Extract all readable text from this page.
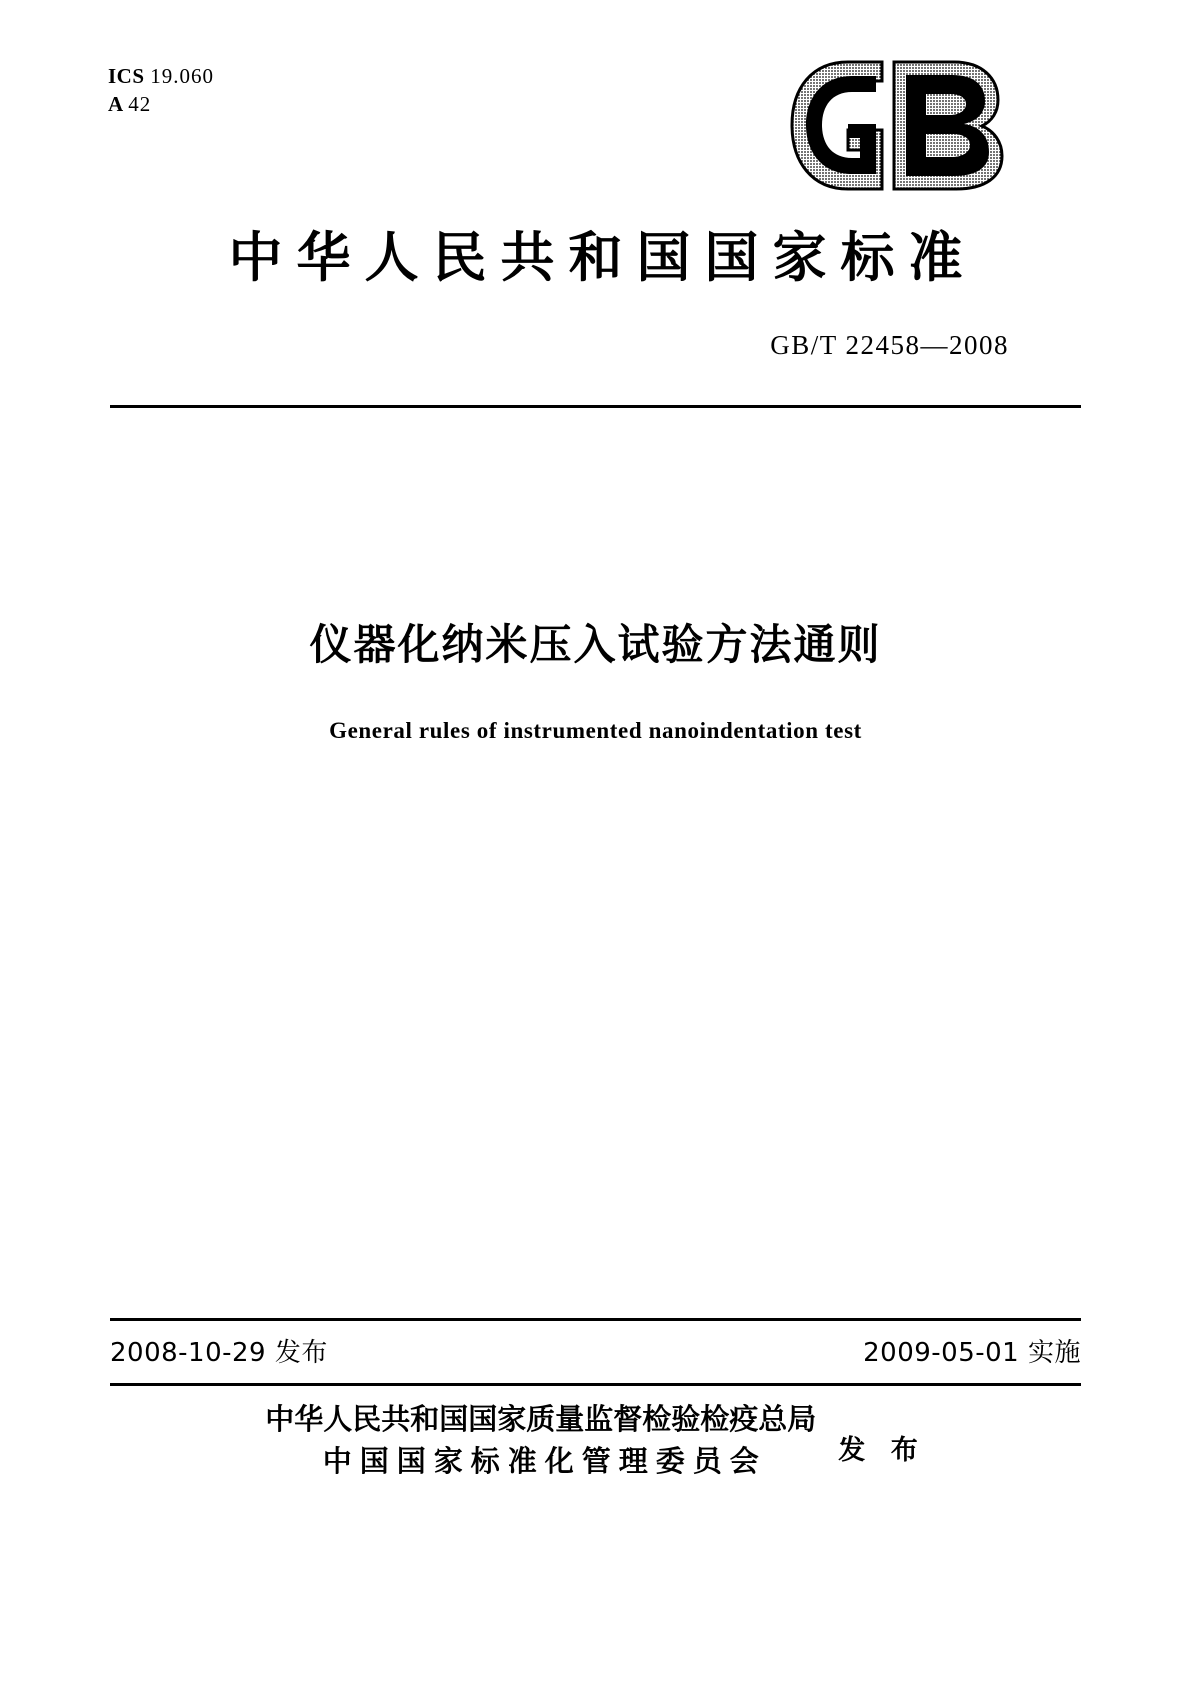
ICS 19.060
A 42
中华人民共和国国家标准
GB/T 22458—2008
仪器化纳米压入试验方法通则
General rules of instrumented nanoindentation test
2008-10-29 发布	2009-05-01 实施
中华人民共和国国家质量监督检验检疫总局
中国国家标准化管理委员会	发 布
